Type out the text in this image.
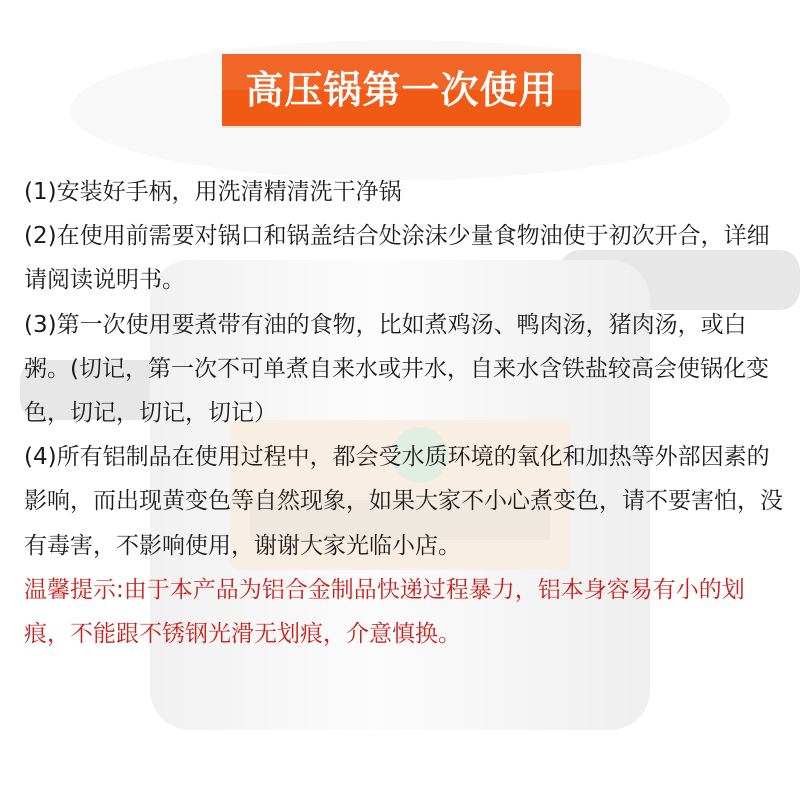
高压锅第一次使用

(1)安装好手柄，用洗清精清洗干净锅

(2)在使用前需要对锅口和锅盖结合处涂沫少量食物油使于初次开合，详细请阅读说明书。

(3)第一次使用要煮带有油的食物，比如煮鸡汤、鸭肉汤，猪肉汤，或白粥。(切记，第一次不可单煮自来水或井水，自来水含铁盐较高会使锅化变色，切记，切记，切记）

(4)所有铝制品在使用过程中，都会受水质环境的氧化和加热等外部因素的影响，而出现黄变色等自然现象，如果大家不小心煮变色，请不要害怕，没有毒害，不影响使用，谢谢大家光临小店。

温馨提示:由于本产品为铝合金制品快递过程暴力，铝本身容易有小的划痕，不能跟不锈钢光滑无划痕，介意慎换。
